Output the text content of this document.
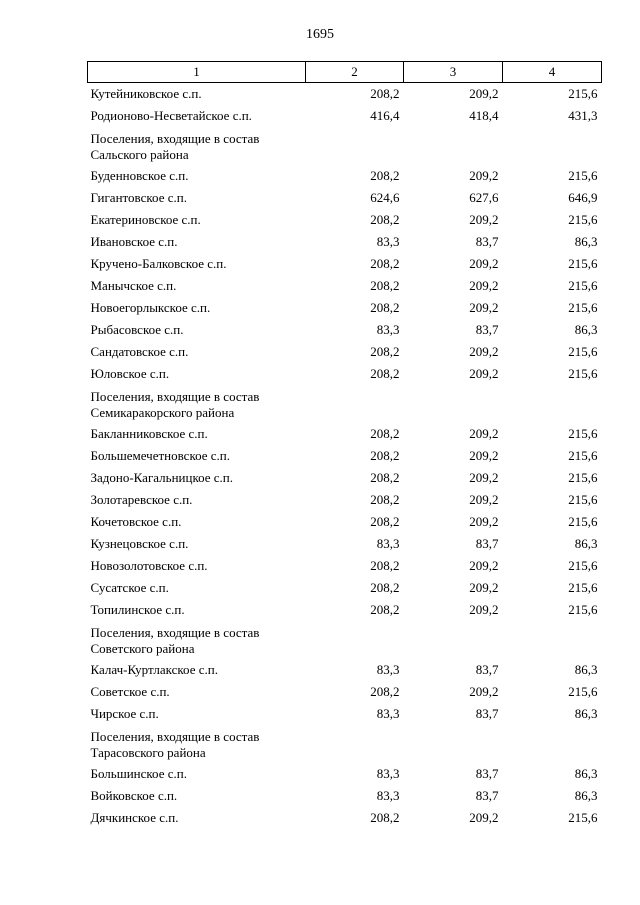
1695
1	2	3	4
Кутейниковское с.п.	208,2	209,2	215,6
Родионово-Несветайское с.п.	416,4	418,4	431,3
Поселения, входящие в состав
Сальского района			
Буденновское с.п.	208,2	209,2	215,6
Гигантовское с.п.	624,6	627,6	646,9
Екатериновское с.п.	208,2	209,2	215,6
Ивановское с.п.	83,3	83,7	86,3
Кручено-Балковское с.п.	208,2	209,2	215,6
Манычское с.п.	208,2	209,2	215,6
Новоегорлыкское с.п.	208,2	209,2	215,6
Рыбасовское с.п.	83,3	83,7	86,3
Сандатовское с.п.	208,2	209,2	215,6
Юловское с.п.	208,2	209,2	215,6
Поселения, входящие в состав
Семикаракорского района			
Бакланниковское с.п.	208,2	209,2	215,6
Большемечетновское с.п.	208,2	209,2	215,6
Задоно-Кагальницкое с.п.	208,2	209,2	215,6
Золотаревское с.п.	208,2	209,2	215,6
Кочетовское с.п.	208,2	209,2	215,6
Кузнецовское с.п.	83,3	83,7	86,3
Новозолотовское с.п.	208,2	209,2	215,6
Сусатское с.п.	208,2	209,2	215,6
Топилинское с.п.	208,2	209,2	215,6
Поселения, входящие в состав
Советского района			
Калач-Куртлакское с.п.	83,3	83,7	86,3
Советское с.п.	208,2	209,2	215,6
Чирское с.п.	83,3	83,7	86,3
Поселения, входящие в состав
Тарасовского района			
Большинское с.п.	83,3	83,7	86,3
Войковское с.п.	83,3	83,7	86,3
Дячкинское с.п.	208,2	209,2	215,6
